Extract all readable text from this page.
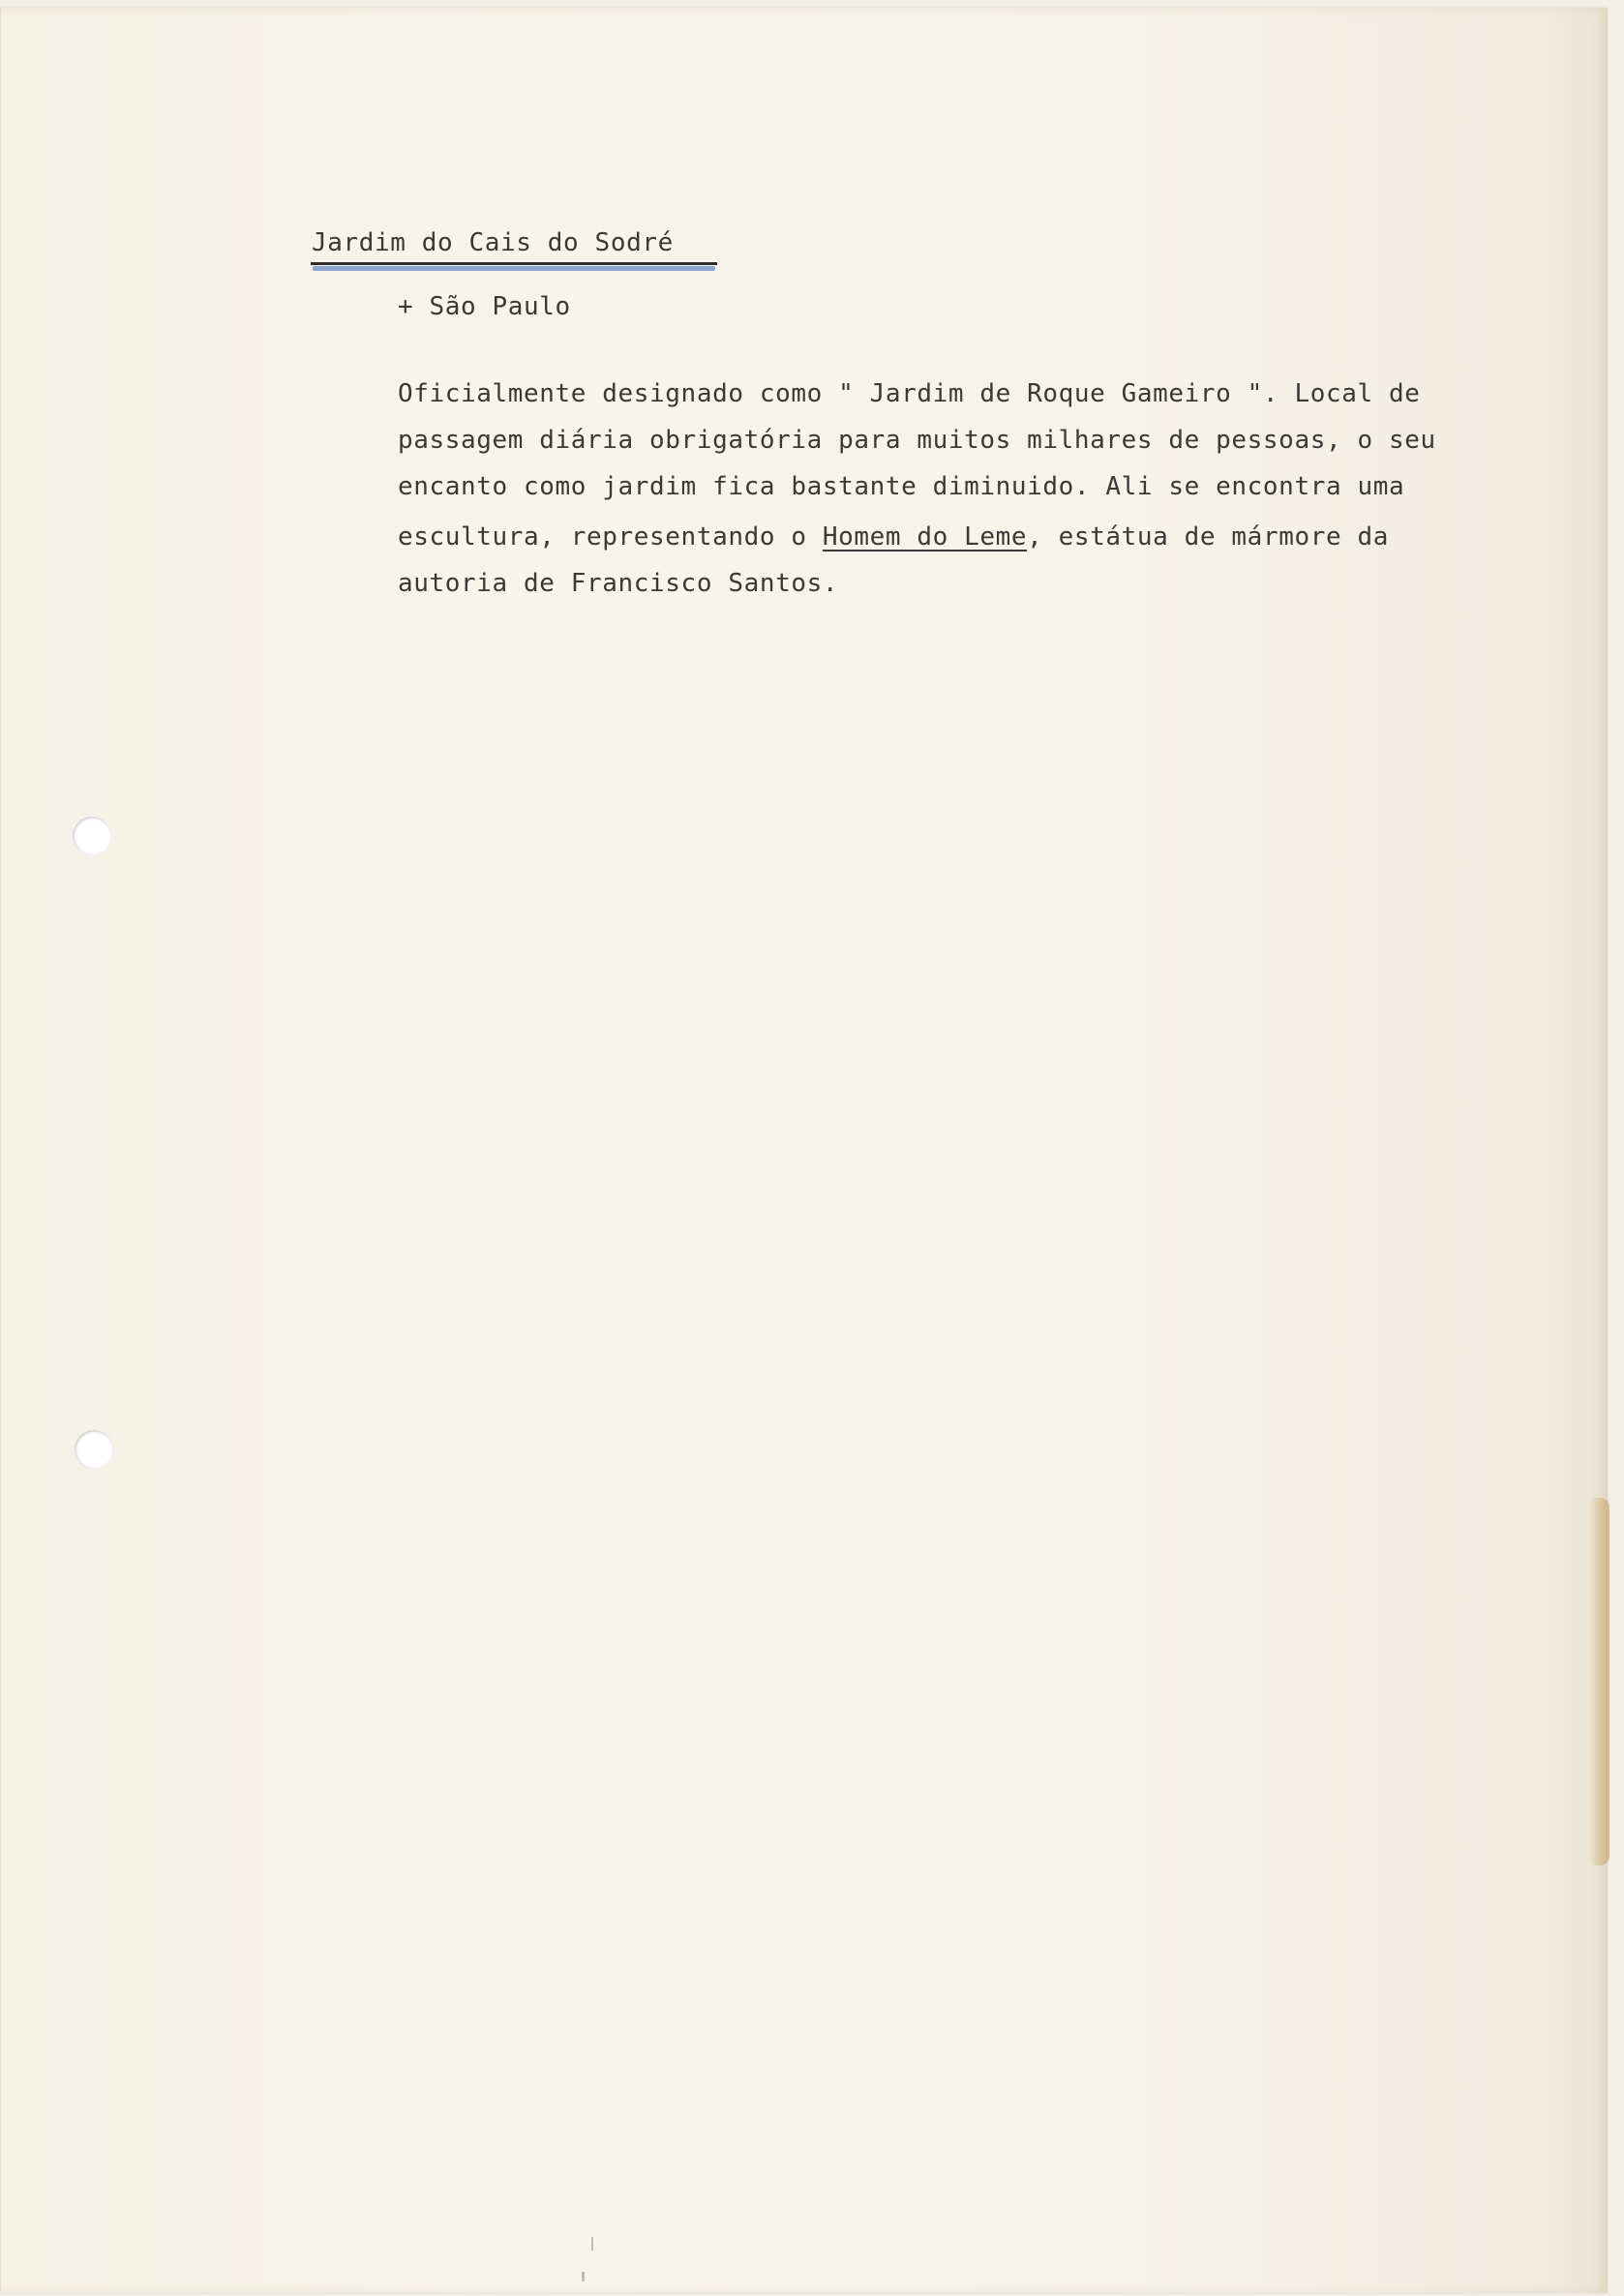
Jardim do Cais do Sodré
+ São Paulo
Oficialmente designado como " Jardim de Roque Gameiro ". Local de
passagem diária obrigatória para muitos milhares de pessoas, o seu
encanto como jardim fica bastante diminuido. Ali se encontra uma
escultura, representando o Homem do Leme, estátua de mármore da
autoria de Francisco Santos.
